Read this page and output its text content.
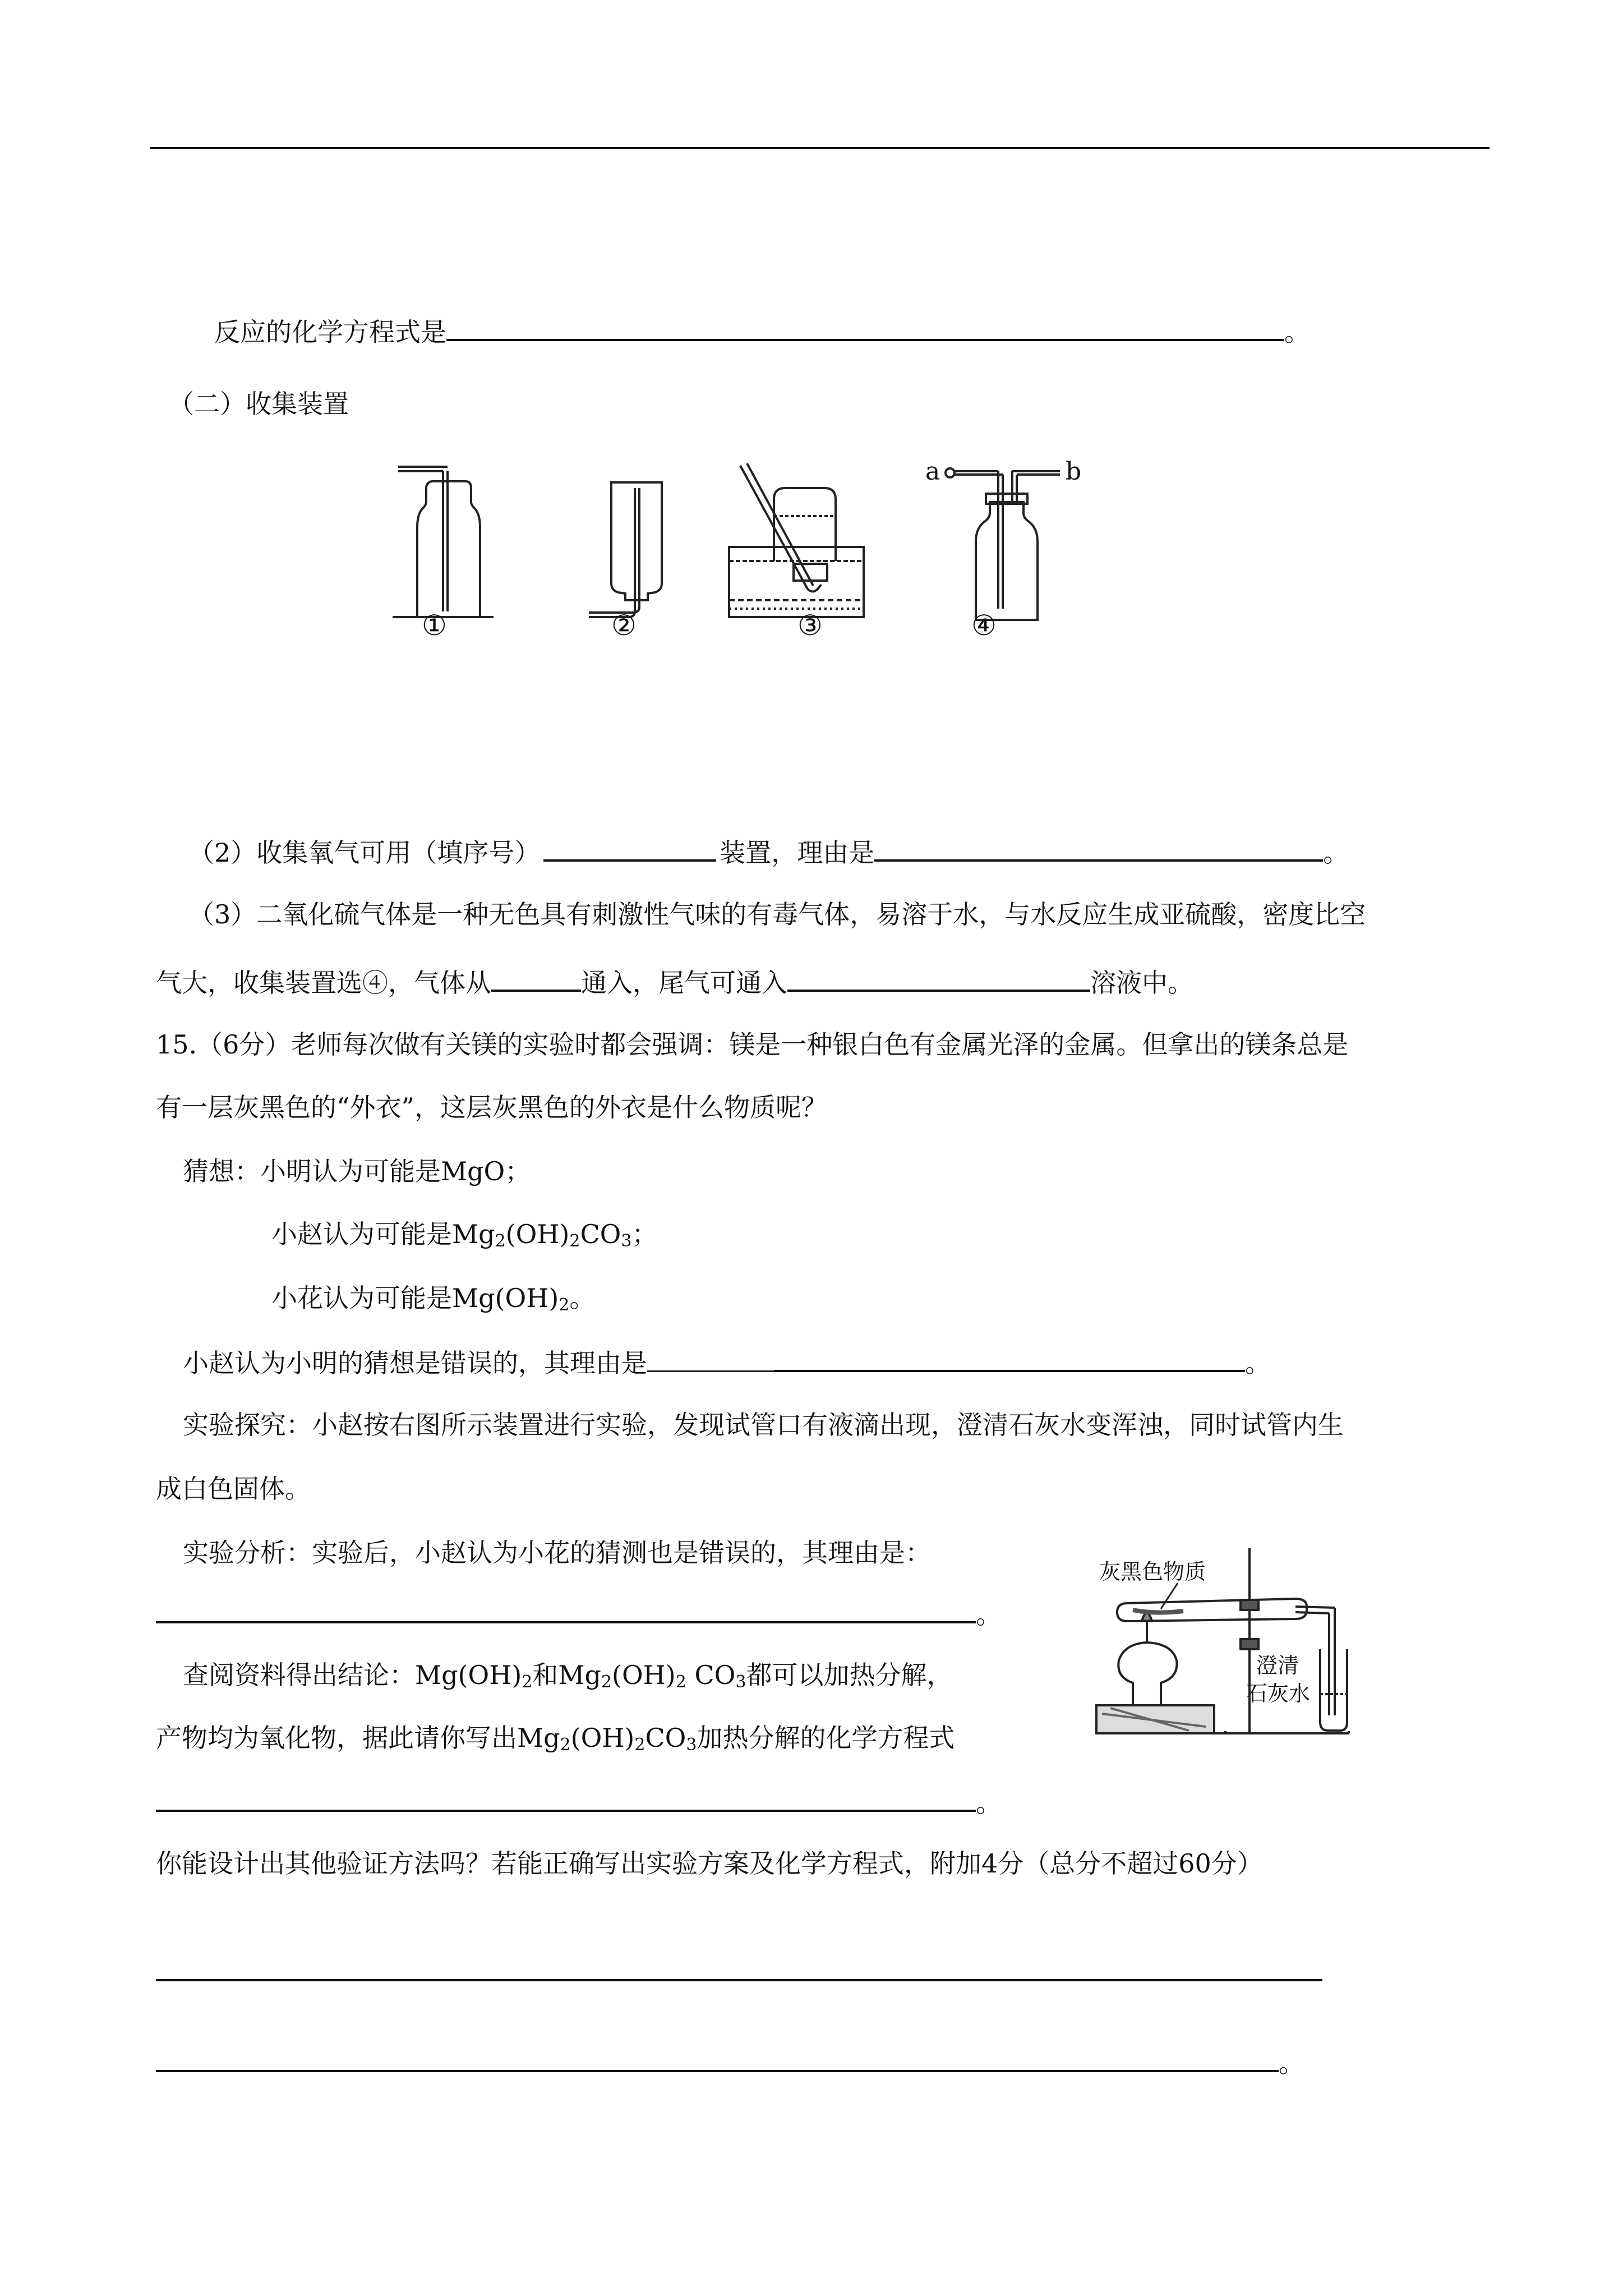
反应的化学方程式是	。
（二）收集装置
a	b
①	②	③	④
（2）收集氧气可用（填序号）	装置，理由是	。
（3）二氧化硫气体是一种无色具有刺激性气味的有毒气体，易溶于水，与水反应生成亚硫酸，密度比空
气大，收集装置选④，气体从	通入，尾气可通入	溶液中。
15.（6分）老师每次做有关镁的实验时都会强调：镁是一种银白色有金属光泽的金属。但拿出的镁条总是
有一层灰黑色的“外衣”，这层灰黑色的外衣是什么物质呢？
猜想：小明认为可能是MgO；
小赵认为可能是$Mg_2(OH)_2CO_3$；
小花认为可能是$Mg(OH)_2$。
小赵认为小明的猜想是错误的，其理由是	。
实验探究：小赵按右图所示装置进行实验，发现试管口有液滴出现，澄清石灰水变浑浊，同时试管内生
成白色固体。
实验分析：实验后，小赵认为小花的猜测也是错误的，其理由是：
。
查阅资料得出结论：$Mg(OH)_2$和$Mg_2(OH)_2$ $CO_3$都可以加热分解，
产物均为氧化物，据此请你写出$Mg_2(OH)_2CO_3$加热分解的化学方程式
。
灰黑色物质
澄清
石灰水
你能设计出其他验证方法吗？若能正确写出实验方案及化学方程式，附加4分（总分不超过60分）
。
